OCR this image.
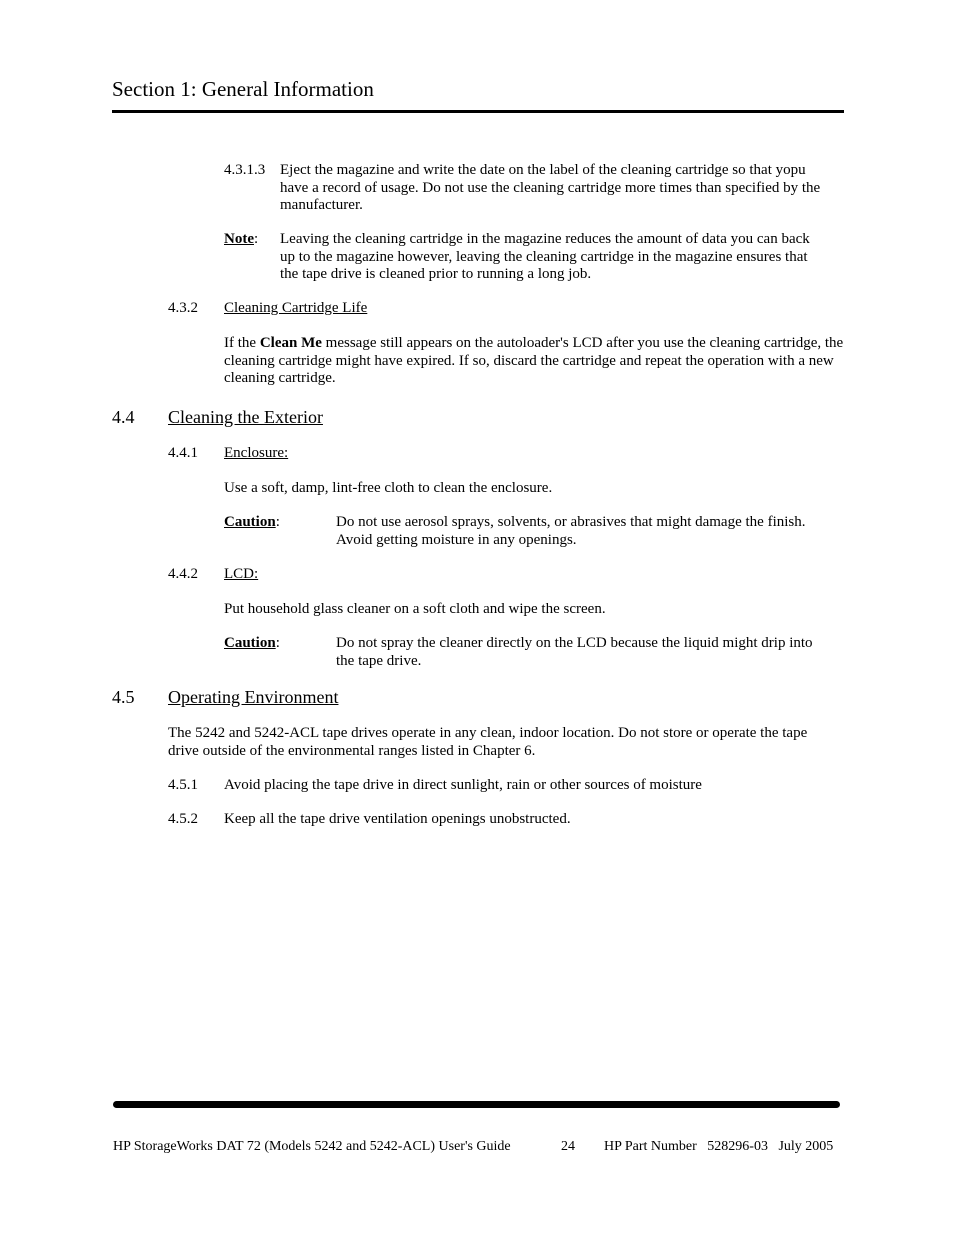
Section 1: General Information
4.3.1.3 Eject the magazine and write the date on the label of the cleaning cartridge so that yopu
have a record of usage. Do not use the cleaning cartridge more times than specified by the
manufacturer.
Note: Leaving the cleaning cartridge in the magazine reduces the amount of data you can back
up to the magazine however, leaving the cleaning cartridge in the magazine ensures that
the tape drive is cleaned prior to running a long job.
4.3.2 Cleaning Cartridge Life
If the Clean Me message still appears on the autoloader's LCD after you use the cleaning cartridge, the
cleaning cartridge might have expired. If so, discard the cartridge and repeat the operation with a new
cleaning cartridge.
4.4 Cleaning the Exterior
4.4.1 Enclosure:
Use a soft, damp, lint-free cloth to clean the enclosure.
Caution:	Do not use aerosol sprays, solvents, or abrasives that might damage the finish.
Avoid getting moisture in any openings.
4.4.2 LCD:
Put household glass cleaner on a soft cloth and wipe the screen.
Caution:	Do not spray the cleaner directly on the LCD because the liquid might drip into
the tape drive.
4.5 Operating Environment
The 5242 and 5242-ACL tape drives operate in any clean, indoor location. Do not store or operate the tape
drive outside of the environmental ranges listed in Chapter 6.
4.5.1 Avoid placing the tape drive in direct sunlight, rain or other sources of moisture
4.5.2 Keep all the tape drive ventilation openings unobstructed.
HP StorageWorks DAT 72 (Models 5242 and 5242-ACL) User's Guide	24 HP Part Number   528296-03   July 2005
